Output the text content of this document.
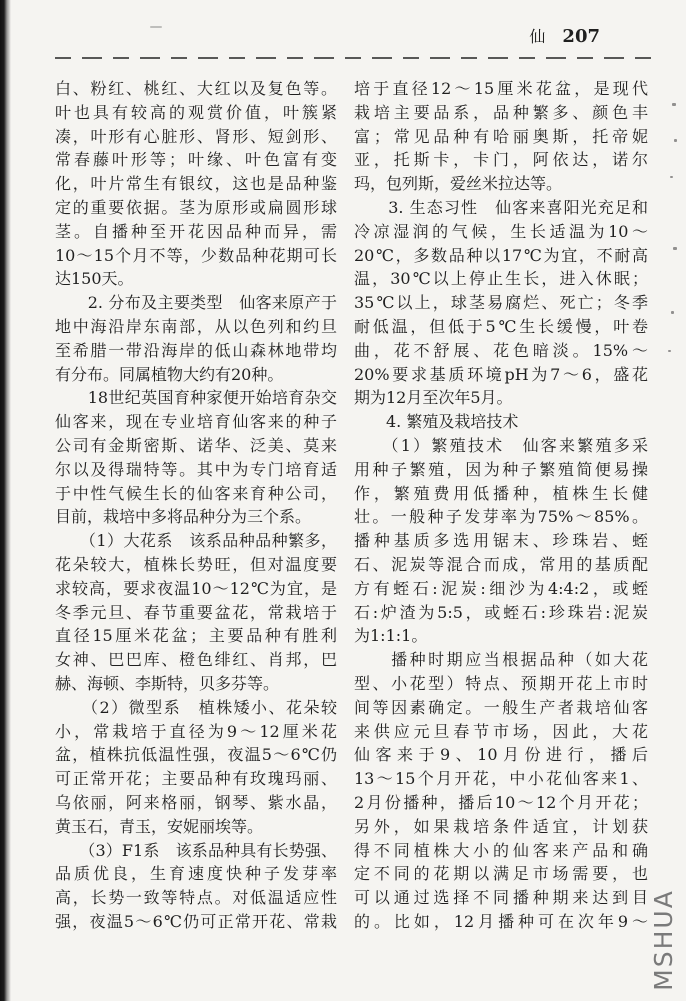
仙 207
白、粉红、桃红、大红以及复色等。
叶也具有较高的观赏价值，叶簇紧
凑，叶形有心脏形、肾形、短剑形、
常春藤叶形等；叶缘、叶色富有变
化，叶片常生有银纹，这也是品种鉴
定的重要依据。茎为原形或扁圆形球
茎。自播种至开花因品种而异，需
10～15个月不等，少数品种花期可长
达150天。
　　2. 分布及主要类型　仙客来原产于
地中海沿岸东南部，从以色列和约旦
至希腊一带沿海岸的低山森林地带均
有分布。同属植物大约有20种。
　　18世纪英国育种家便开始培育杂交
仙客来，现在专业培育仙客来的种子
公司有金斯密斯、诺华、泛美、莫来
尔以及得瑞特等。其中为专门培育适
于中性气候生长的仙客来育种公司，
目前，栽培中多将品种分为三个系。
　　（1）大花系　该系品种品种繁多，
花朵较大，植株长势旺，但对温度要
求较高，要求夜温10～12℃为宜，是
冬季元旦、春节重要盆花，常栽培于
直径15厘米花盆；主要品种有胜利
女神、巴巴库、橙色绯红、肖邦，巴
赫、海顿、李斯特，贝多芬等。
　　（2）微型系　植株矮小、花朵较
小，常栽培于直径为9～12厘米花
盆，植株抗低温性强，夜温5～6℃仍
可正常开花；主要品种有玫瑰玛丽、
乌依丽，阿来格丽，钢琴、紫水晶，
黄玉石，青玉，安妮丽埃等。
　　（3）F1系　该系品种具有长势强、
品质优良，生育速度快种子发芽率
高，长势一致等特点。对低温适应性
强，夜温5～6℃仍可正常开花、常栽
培于直径12～15厘米花盆，是现代
栽培主要品系，品种繁多、颜色丰
富；常见品种有哈丽奥斯，托帝妮
亚，托斯卡，卡门，阿依达，诺尔
玛，包列斯，爱丝米拉达等。
　　3. 生态习性　仙客来喜阳光充足和
冷凉湿润的气候，生长适温为10～
20℃，多数品种以17℃为宜，不耐高
温，30℃以上停止生长，进入休眠；
35℃以上，球茎易腐烂、死亡；冬季
耐低温，但低于5℃生长缓慢，叶卷
曲，花不舒展、花色暗淡。15%～
20%要求基质环境pH为7～6，盛花
期为12月至次年5月。
　　4. 繁殖及栽培技术
　　（1）繁殖技术　仙客来繁殖多采
用种子繁殖，因为种子繁殖简便易操
作，繁殖费用低播种，植株生长健
壮。一般种子发芽率为75%～85%。
播种基质多选用锯末、珍珠岩、蛭
石、泥炭等混合而成，常用的基质配
方有蛭石:泥炭:细沙为4:4:2，或蛭
石:炉渣为5:5，或蛭石:珍珠岩:泥炭
为1:1:1。
　　播种时期应当根据品种（如大花
型、小花型）特点、预期开花上市时
间等因素确定。一般生产者栽培仙客
来供应元旦春节市场，因此，大花
仙客来于9、10月份进行，播后
13～15个月开花，中小花仙客来1、
2月份播种，播后10～12个月开花；
另外，如果栽培条件适宜，计划获
得不同植株大小的仙客来产品和确
定不同的花期以满足市场需要，也
可以通过选择不同播种期来达到目
的。比如，12月播种可在次年9～ MSHUA
